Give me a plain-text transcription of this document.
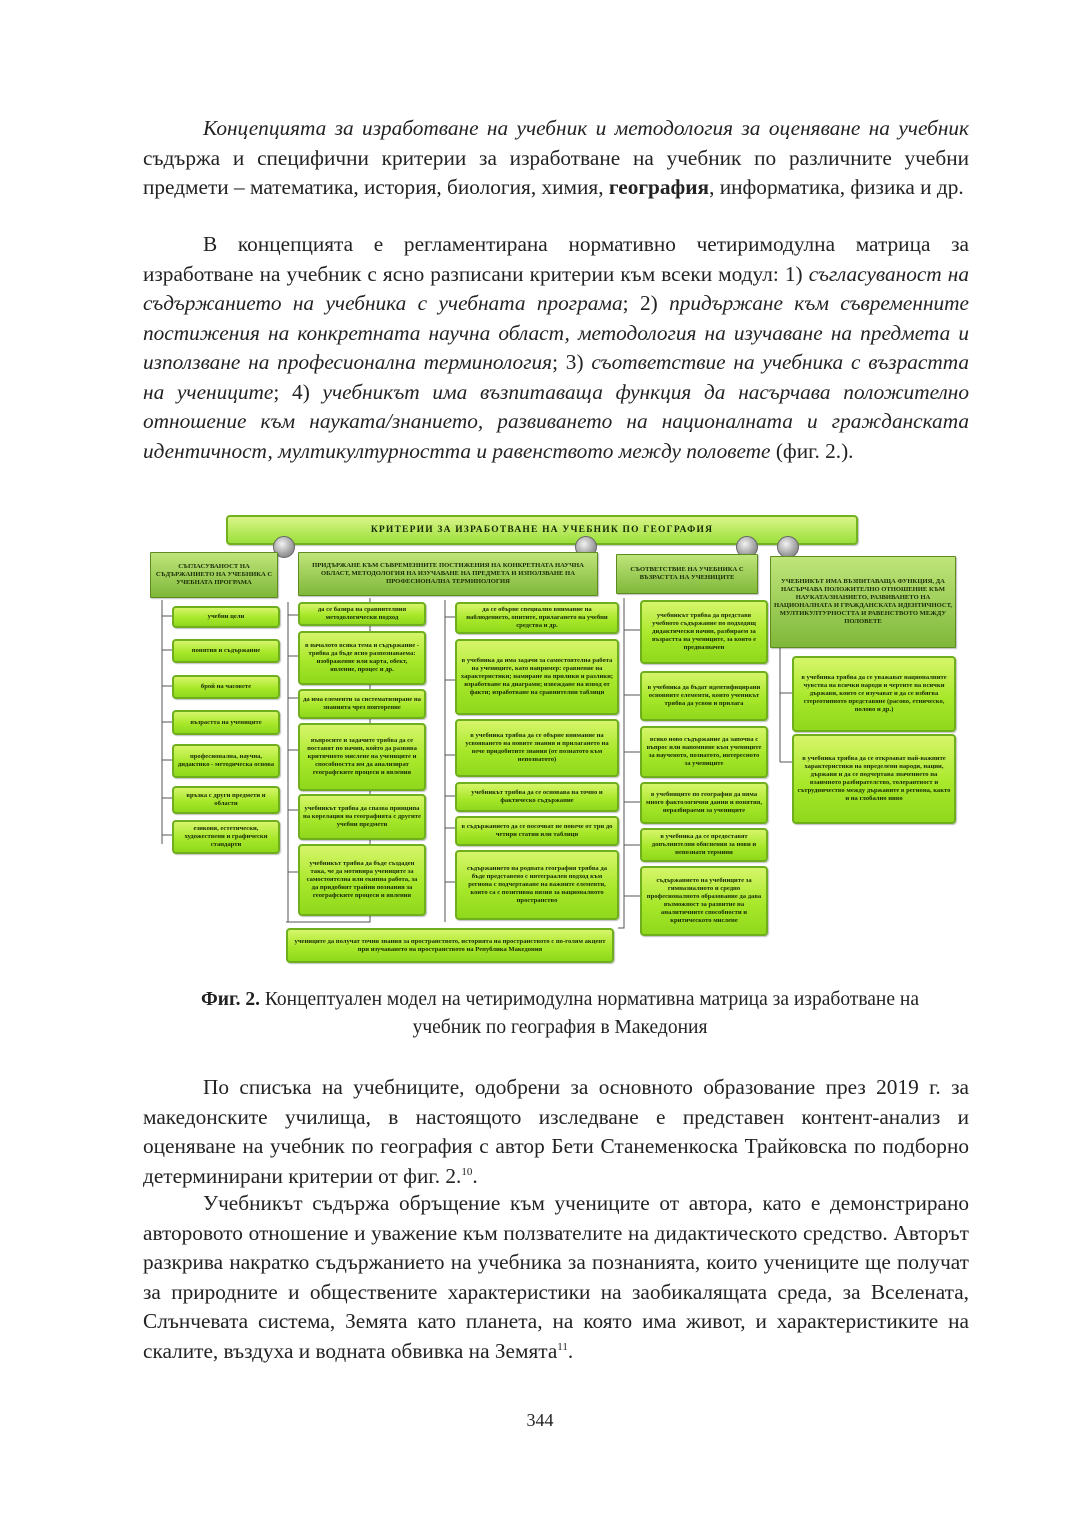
Концепцията за изработване на учебник и методология за оценяване на учебник съдържа и специфични критерии за изработване на учебник по различните учебни предмети – математика, история, биология, химия, география, информатика, физика и др.

В концепцията е регламентирана нормативно четиримодулна матрица за изработване на учебник с ясно разписани критерии към всеки модул: 1) съгласуваност на съдържанието на учебника с учебната програма; 2) придържане към съвременните постижения на конкретната научна област, методология на изучаване на предмета и използване на професионална терминология; 3) съответствие на учебника с възрастта на учениците; 4) учебникът има възпитаваща функция да насърчава положително отношение към науката/знанието, развиването на националната и гражданската идентичност, мултикултурността и равенството между половете (фиг. 2.).

КРИТЕРИИ ЗА ИЗРАБОТВАНЕ НА УЧЕБНИК ПО ГЕОГРАФИЯ
СЪГЛАСУВАНОСТ НА СЪДЪРЖАНИЕТО НА УЧЕБНИКА С УЧЕБНАТА ПРОГРАМА
учебни цели
понятия и съдържание
брой на часовете
възрастта на учениците
професионална, научна, дидактико - методическа основа
връзка с други предмети и области
езикови, естетически, художествени и графически стандарти
ПРИДЪРЖАНЕ КЪМ СЪВРЕМЕННИТЕ ПОСТИЖЕНИЯ НА КОНКРЕТНАТА НАУЧНА ОБЛАСТ, МЕТОДОЛОГИЯ НА ИЗУЧАВАНЕ НА ПРЕДМЕТА И ИЗПОЛЗВАНЕ НА ПРОФЕСИОНАЛНА ТЕРМИНОЛОГИЯ
да се базира на сравнителния методологически подход
в началото всяка тема и съдържание - трябва да бъде ясно разпознаваема: изображение или карта, обект, явление, процес и др.
да има елементи за систематизиране на знанията чрез повторение
въпросите и задачите трябва да се поставят по начин, който да развива критичното мислене на учениците и способността им да анализират географските процеси и явления
учебникът трябва да спазва принципа на корелация на географията с другите учебни предмети
учебникът трябва да бъде създаден така, че да мотивира учениците за самостоятелна или екипна работа, за да придобият трайни познания за географските процеси и явления
да се обърне специално внимание на наблюдението, опитите, прилагането на учебни средства и др.
в учебника да има задачи за самостоятелна работа на учениците, като например: сравнение на характеристики; намиране на прилики и разлики; изработване на диаграми; извеждане на извод от факти; изработване на сравнителни таблици
в учебника трябва да се обърне внимание на усвояването на новите знания и прилагането на вече придобитите знания (от познатото към непознатото)
учебникът трябва да се основава на точно и фактическо съдържание
в съдържанието да се посочват не повече от три до четири статии или таблици
съдържанието на родната география трябва да бъде представено с интеграален подход към региона с подчертаване на важните елементи, които са с позитивна визия за националното пространство
учениците да получат точни знания за пространството, историята на пространството с по-голям акцент при изучаването на пространството на Република Македония
СЪОТВЕТСТВИЕ НА УЧЕБНИКА С ВЪЗРАСТТА НА УЧЕНИЦИТЕ
учебникът трябва да представя учебното съдържание по подходящ дидактически начин, разбираем за възрастта на учениците, за които е предназначен
в учебника да бъдат идентифицирани основните елементи, които ученикът трябва да усвои и прилага
всяко ново съдържание да започва с въпрос или напомняне към учениците за наученото, познатото, интересното за учениците
в учебниците по география да няма много фактологични данни и понятия, неразбираеми за учениците
в учебника да се предоставят допълнителни обяснения за нови и непознати термини
съдържанието на учебниците за гимназиалното и средно професионалното образование да дава възможност за развитие на аналитичните способности и критическото мислене
УЧЕБНИКЪТ ИМА ВЪЗПИТАВАЩА ФУНКЦИЯ, ДА НАСЪРЧАВА ПОЛОЖИТЕЛНО ОТНОШЕНИЕ КЪМ НАУКАТА/ЗНАНИЕТО, РАЗВИВАНЕТО НА НАЦИОНАЛНАТА И ГРАЖДАНСКАТА ИДЕНТИЧНОСТ, МУЛТИКУЛТУРНОСТТА И РАВЕНСТВОТО МЕЖДУ ПОЛОВЕТЕ
в учебника трябва да се уважават националните чувства на всички народи и чертите на всички държави, които се изучават и да се избягва стереотипното представяне (расово, етническо, полово и др.)
в учебника трябва да се откроават най-важните характеристики на определени народи, нации, държави и да се подчертава значението на взаимното разбирателство, толерантност и сътрудничество между държавите в региона, както и на глобално ниво
Фиг. 2. Концептуален модел на четиримодулна нормативна матрица за изработване на учебник по география в Македония

По списъка на учебниците, одобрени за основното образование през 2019 г. за македонските училища, в настоящото изследване е представен контент-анализ и оценяване на учебник по география с автор Бети Станеменкоска Трайковска по подборно детерминирани критерии от фиг. 2.10.

Учебникът съдържа обръщение към учениците от автора, като е демонстрирано авторовото отношение и уважение към ползвателите на дидактическото средство. Авторът разкрива накратко съдържанието на учебника за познанията, които учениците ще получат за природните и обществените характеристики на заобикалящата среда, за Вселената, Слънчевата система, Земята като планета, на която има живот, и характеристиките на скалите, въздуха и водната обвивка на Земята$^{11}$.

344
